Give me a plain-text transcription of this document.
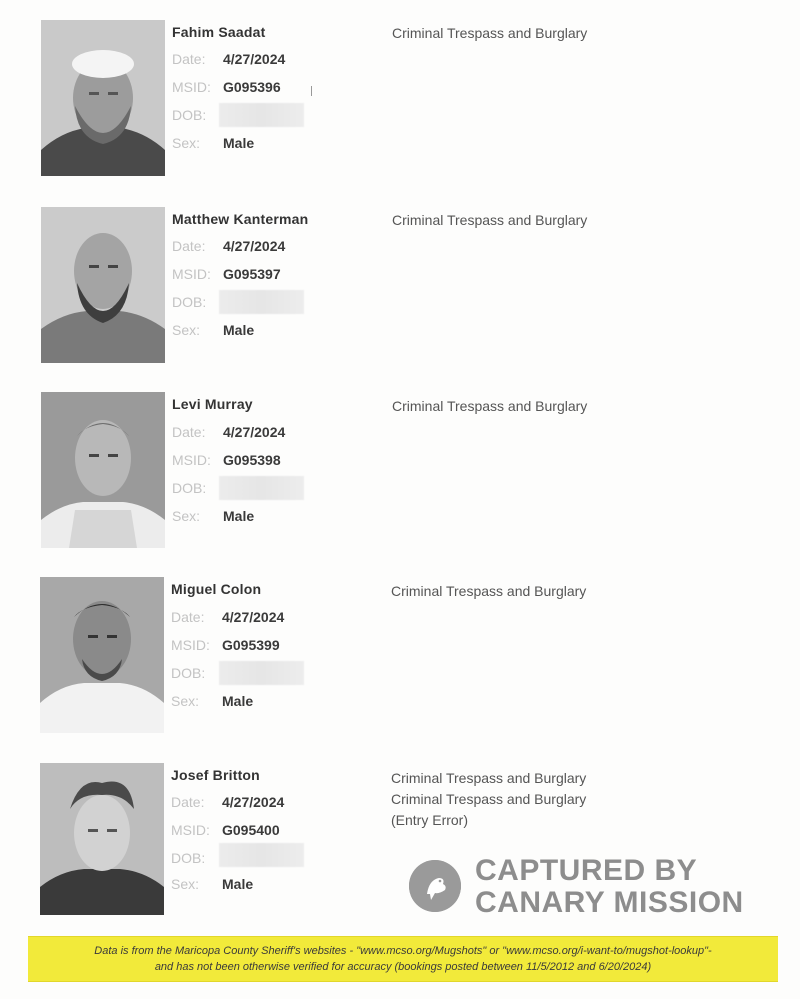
Fahim Saadat
Date: 4/27/2024
MSID: G095396
DOB:
Sex: Male
Criminal Trespass and Burglary
Matthew Kanterman
Date: 4/27/2024
MSID: G095397
DOB:
Sex: Male
Criminal Trespass and Burglary
Levi Murray
Date: 4/27/2024
MSID: G095398
DOB:
Sex: Male
Criminal Trespass and Burglary
Miguel Colon
Date: 4/27/2024
MSID: G095399
DOB:
Sex: Male
Criminal Trespass and Burglary
Josef Britton
Date: 4/27/2024
MSID: G095400
DOB:
Sex: Male
Criminal Trespass and Burglary
Criminal Trespass and Burglary
(Entry Error)
CAPTURED BY
CANARY MISSION
Data is from the Maricopa County Sheriff's websites - "www.mcso.org/Mugshots" or "www.mcso.org/i-want-to/mugshot-lookup"-
and has not been otherwise verified for accuracy (bookings posted between 11/5/2012 and 6/20/2024)
